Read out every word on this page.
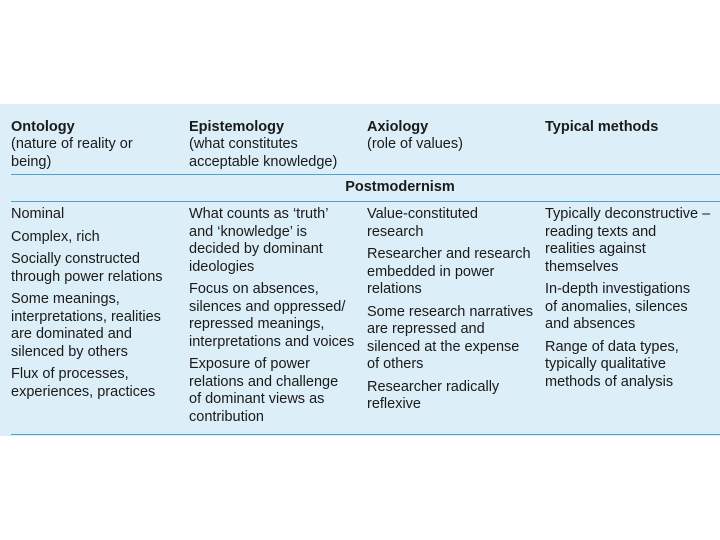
Ontology
(nature of reality or
being)
Epistemology
(what constitutes
acceptable knowledge)
Axiology
(role of values)
Typical methods
Postmodernism

Nominal

Complex, rich

Socially constructed
through power relations

Some meanings,
interpretations, realities
are dominated and
silenced by others

Flux of processes,
experiences, practices

What counts as ‘truth’
and ‘knowledge’ is
decided by dominant
ideologies

Focus on absences,
silences and oppressed/
repressed meanings,
interpretations and voices

Exposure of power
relations and challenge
of dominant views as
contribution

Value-constituted
research

Researcher and research
embedded in power
relations

Some research narratives
are repressed and
silenced at the expense
of others

Researcher radically
reflexive

Typically deconstructive –
reading texts and
realities against
themselves

In-depth investigations
of anomalies, silences
and absences

Range of data types,
typically qualitative
methods of analysis
